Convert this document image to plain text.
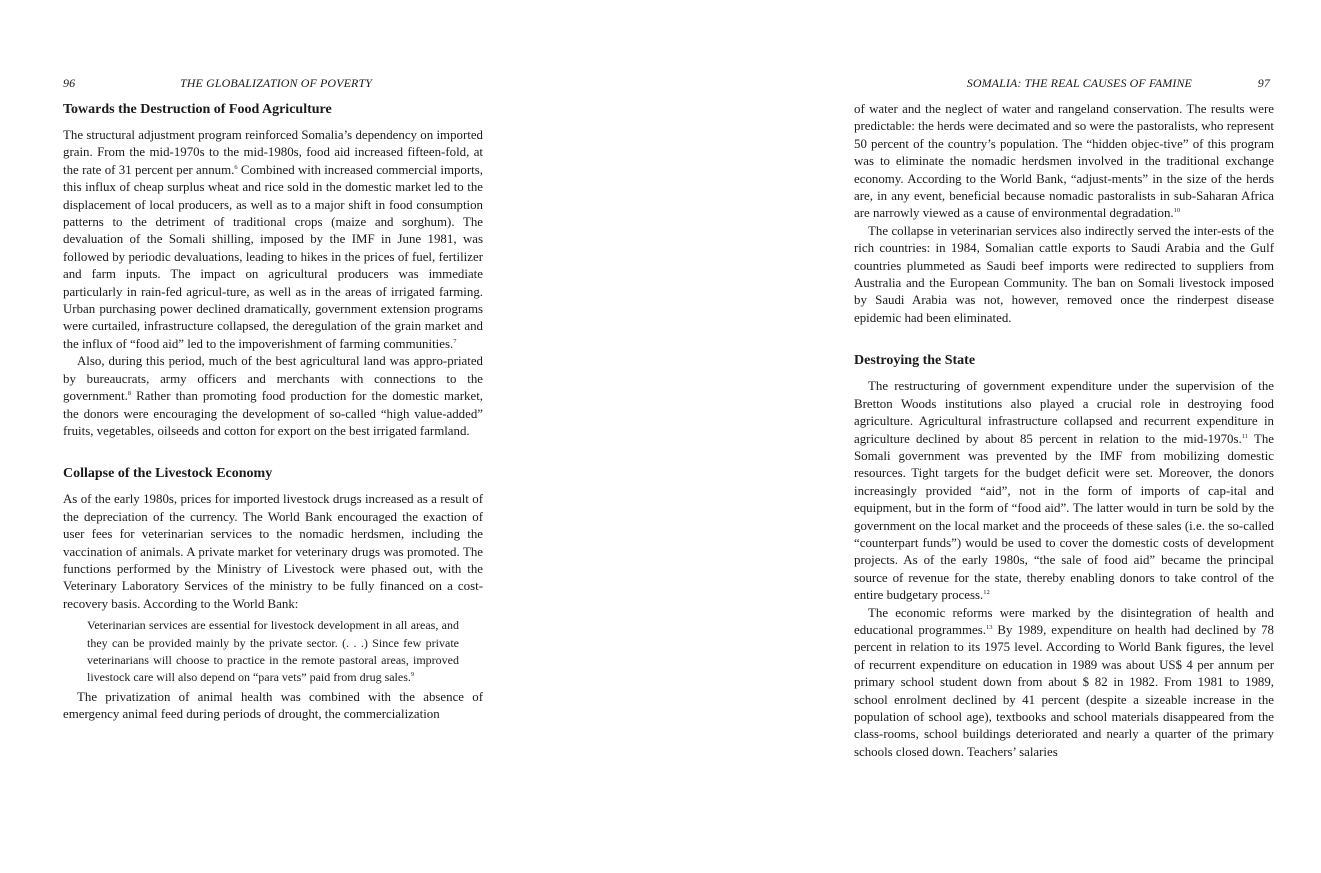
96	THE GLOBALIZATION OF POVERTY
Towards the Destruction of Food Agriculture

The structural adjustment program reinforced Somalia’s dependency on imported grain. From the mid-1970s to the mid-1980s, food aid increased fifteen-fold, at the rate of 31 percent per annum.$^6$ Combined with increased commercial imports, this influx of cheap surplus wheat and rice sold in the domestic market led to the displacement of local producers, as well as to a major shift in food consumption patterns to the detriment of traditional crops (maize and sorghum). The devaluation of the Somali shilling, imposed by the IMF in June 1981, was followed by periodic devaluations, leading to hikes in the prices of fuel, fertilizer and farm inputs. The impact on agricultural producers was immediate particularly in rain-fed agricul-ture, as well as in the areas of irrigated farming. Urban purchasing power declined dramatically, government extension programs were curtailed, infrastructure collapsed, the deregulation of the grain market and the influx of “food aid” led to the impoverishment of farming communities.$^7$

Also, during this period, much of the best agricultural land was appro-priated by bureaucrats, army officers and merchants with connections to the government.$^8$ Rather than promoting food production for the domestic market, the donors were encouraging the development of so-called “high value-added” fruits, vegetables, oilseeds and cotton for export on the best irrigated farmland.

Collapse of the Livestock Economy

As of the early 1980s, prices for imported livestock drugs increased as a result of the depreciation of the currency. The World Bank encouraged the exaction of user fees for veterinarian services to the nomadic herdsmen, including the vaccination of animals. A private market for veterinary drugs was promoted. The functions performed by the Ministry of Livestock were phased out, with the Veterinary Laboratory Services of the ministry to be fully financed on a cost-recovery basis. According to the World Bank:

Veterinarian services are essential for livestock development in all areas, and they can be provided mainly by the private sector. (. . .) Since few private veterinarians will choose to practice in the remote pastoral areas, improved livestock care will also depend on “para vets” paid from drug sales.$^9$

The privatization of animal health was combined with the absence of emergency animal feed during periods of drought, the commercialization

SOMALIA: THE REAL CAUSES OF FAMINE	97

of water and the neglect of water and rangeland conservation. The results were predictable: the herds were decimated and so were the pastoralists, who represent 50 percent of the country’s population. The “hidden objec-tive” of this program was to eliminate the nomadic herdsmen involved in the traditional exchange economy. According to the World Bank, “adjust-ments” in the size of the herds are, in any event, beneficial because nomadic pastoralists in sub-Saharan Africa are narrowly viewed as a cause of environmental degradation.$^{10}$

The collapse in veterinarian services also indirectly served the inter-ests of the rich countries: in 1984, Somalian cattle exports to Saudi Arabia and the Gulf countries plummeted as Saudi beef imports were redirected to suppliers from Australia and the European Community. The ban on Somali livestock imposed by Saudi Arabia was not, however, removed once the rinderpest disease epidemic had been eliminated.

Destroying the State

The restructuring of government expenditure under the supervision of the Bretton Woods institutions also played a crucial role in destroying food agriculture. Agricultural infrastructure collapsed and recurrent expenditure in agriculture declined by about 85 percent in relation to the mid-1970s.$^{11}$ The Somali government was prevented by the IMF from mobilizing domestic resources. Tight targets for the budget deficit were set. Moreover, the donors increasingly provided “aid”, not in the form of imports of cap-ital and equipment, but in the form of “food aid”. The latter would in turn be sold by the government on the local market and the proceeds of these sales (i.e. the so-called “counterpart funds”) would be used to cover the domestic costs of development projects. As of the early 1980s, “the sale of food aid” became the principal source of revenue for the state, thereby enabling donors to take control of the entire budgetary process.$^{12}$

The economic reforms were marked by the disintegration of health and educational programmes.$^{13}$ By 1989, expenditure on health had declined by 78 percent in relation to its 1975 level. According to World Bank figures, the level of recurrent expenditure on education in 1989 was about US$ 4 per annum per primary school student down from about $ 82 in 1982. From 1981 to 1989, school enrolment declined by 41 percent (despite a sizeable increase in the population of school age), textbooks and school materials disappeared from the class-rooms, school buildings deteriorated and nearly a quarter of the primary schools closed down. Teachers’ salaries
